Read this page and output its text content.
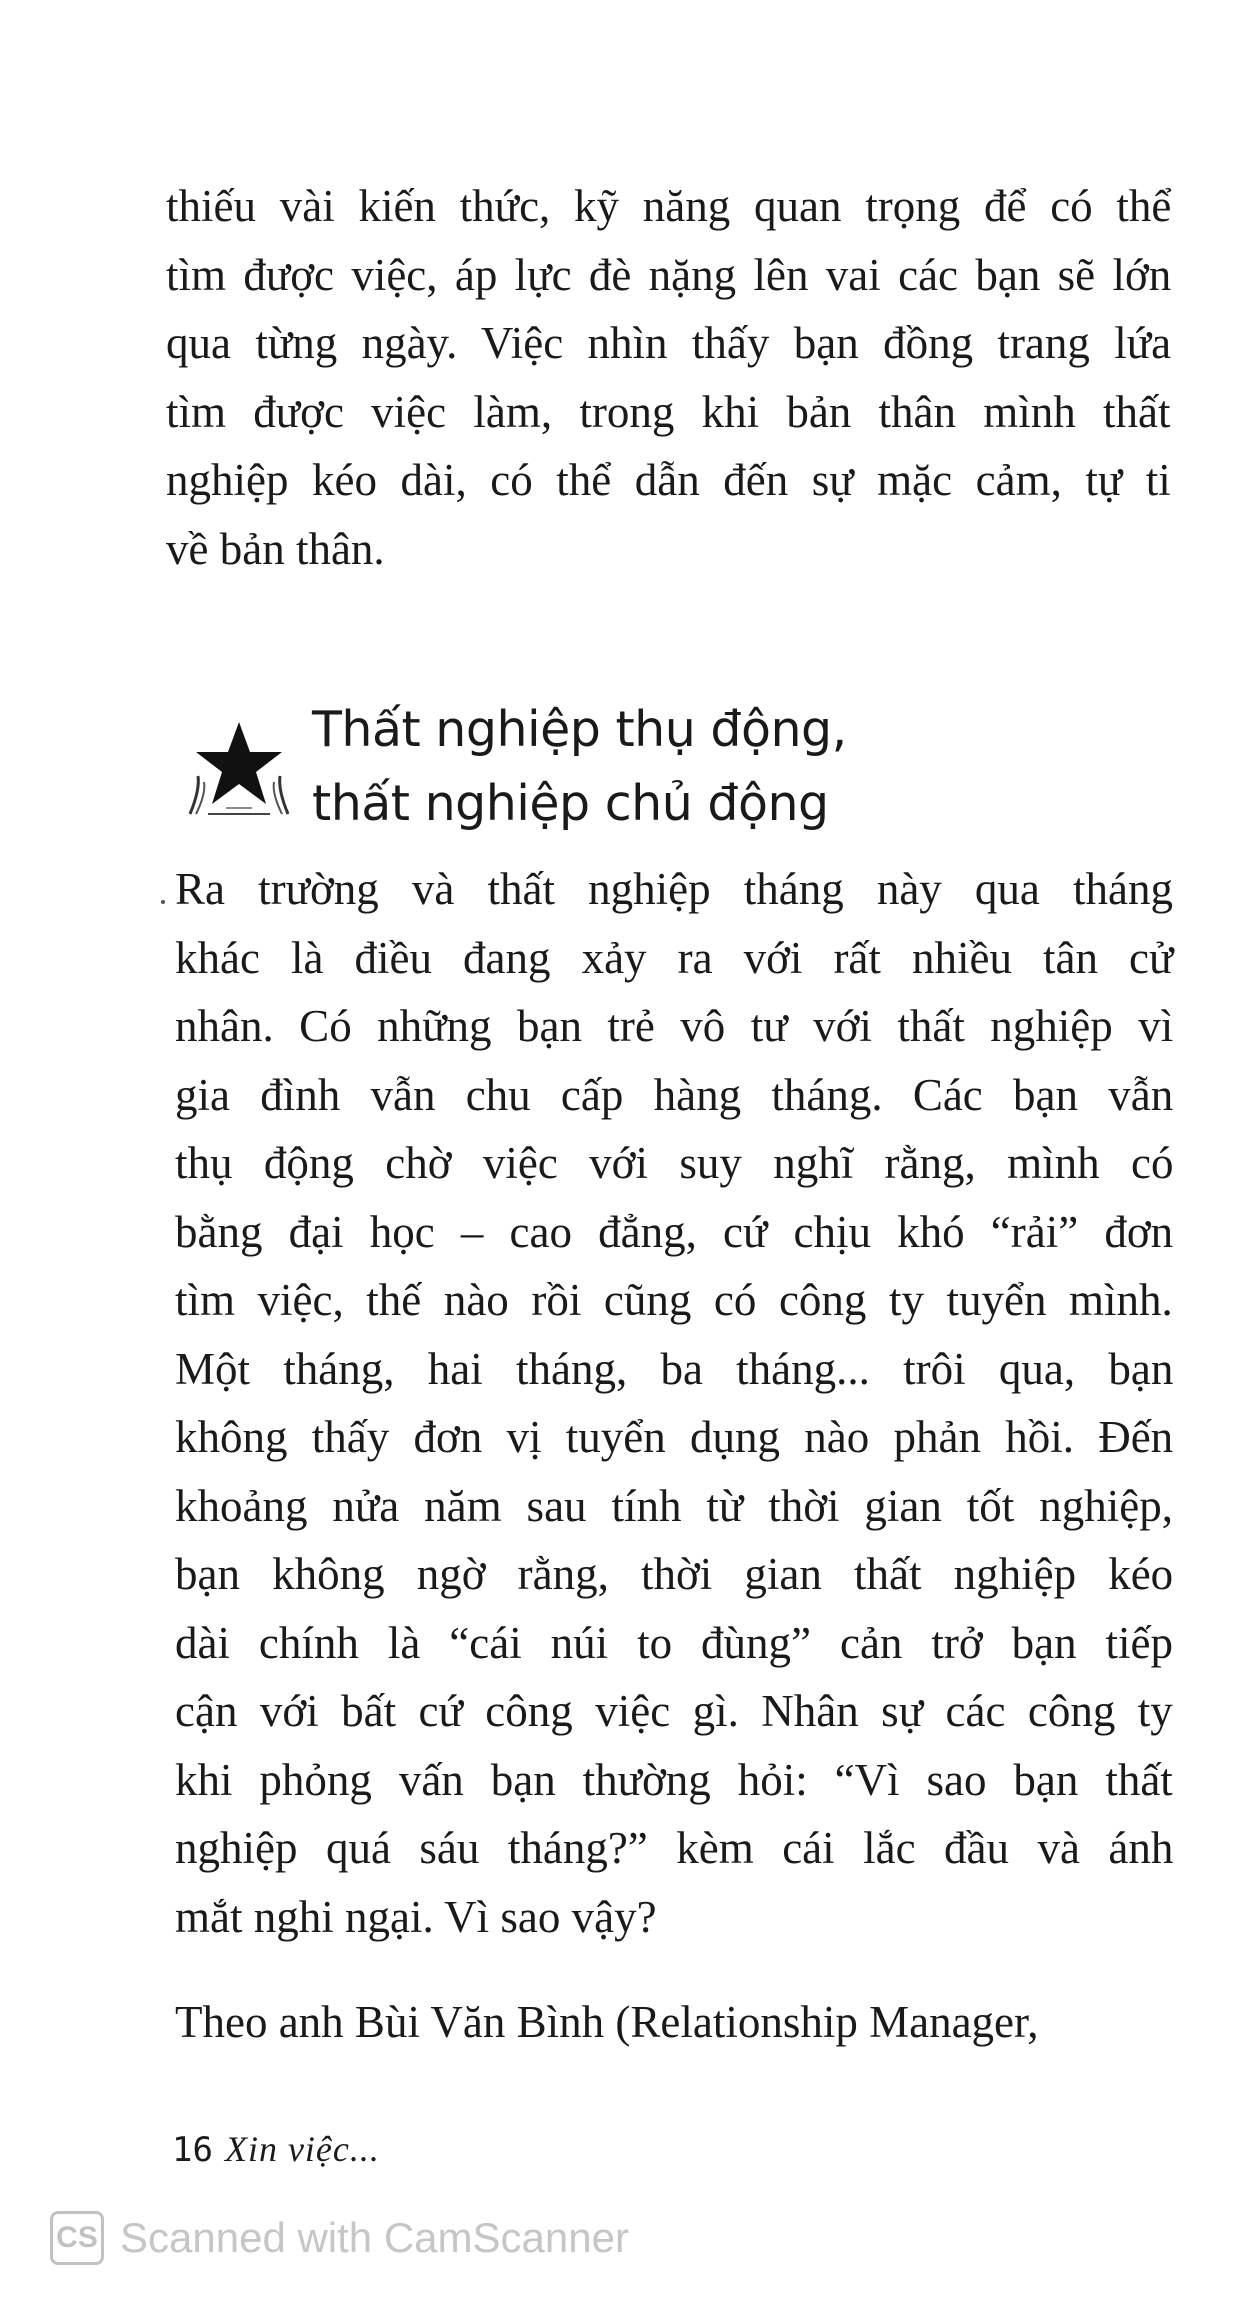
thiếu vài kiến thức, kỹ năng quan trọng để có thể
tìm được việc, áp lực đè nặng lên vai các bạn sẽ lớn
qua từng ngày. Việc nhìn thấy bạn đồng trang lứa
tìm được việc làm, trong khi bản thân mình thất
nghiệp kéo dài, có thể dẫn đến sự mặc cảm, tự ti
về bản thân.

Thất nghiệp thụ động,
thất nghiệp chủ động

Ra trường và thất nghiệp tháng này qua tháng
khác là điều đang xảy ra với rất nhiều tân cử
nhân. Có những bạn trẻ vô tư với thất nghiệp vì
gia đình vẫn chu cấp hàng tháng. Các bạn vẫn
thụ động chờ việc với suy nghĩ rằng, mình có
bằng đại học – cao đẳng, cứ chịu khó “rải” đơn
tìm việc, thế nào rồi cũng có công ty tuyển mình.
Một tháng, hai tháng, ba tháng... trôi qua, bạn
không thấy đơn vị tuyển dụng nào phản hồi. Đến
khoảng nửa năm sau tính từ thời gian tốt nghiệp,
bạn không ngờ rằng, thời gian thất nghiệp kéo
dài chính là “cái núi to đùng” cản trở bạn tiếp
cận với bất cứ công việc gì. Nhân sự các công ty
khi phỏng vấn bạn thường hỏi: “Vì sao bạn thất
nghiệp quá sáu tháng?” kèm cái lắc đầu và ánh
mắt nghi ngại. Vì sao vậy?

Theo anh Bùi Văn Bình (Relationship Manager,

16 Xin việc...
CS Scanned with CamScanner
